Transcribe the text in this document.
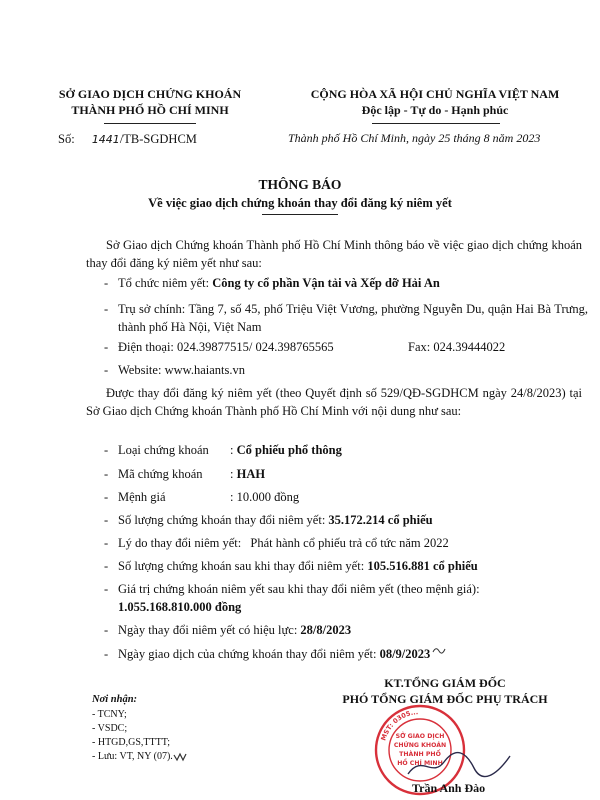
SỞ GIAO DỊCH CHỨNG KHOÁN
THÀNH PHỐ HỒ CHÍ MINH
CỘNG HÒA XÃ HỘI CHỦ NGHĨA VIỆT NAM
Độc lập - Tự do - Hạnh phúc
Số: 1441/TB-SGDHCM	Thành phố Hồ Chí Minh, ngày 25 tháng 8 năm 2023
THÔNG BÁO
Về việc giao dịch chứng khoán thay đổi đăng ký niêm yết

Sở Giao dịch Chứng khoán Thành phố Hồ Chí Minh thông báo về việc giao dịch chứng khoán thay đổi đăng ký niêm yết như sau:

- Tổ chức niêm yết: Công ty cổ phần Vận tải và Xếp dỡ Hải An
- Trụ sở chính: Tầng 7, số 45, phố Triệu Việt Vương, phường Nguyễn Du, quận Hai Bà Trưng, thành phố Hà Nội, Việt Nam
- Điện thoại: 024.39877515/ 024.398765565	Fax: 024.39444022
- Website: www.haiants.vn

Được thay đổi đăng ký niêm yết (theo Quyết định số 529/QĐ-SGDHCM ngày 24/8/2023) tại Sở Giao dịch Chứng khoán Thành phố Hồ Chí Minh với nội dung như sau:

- Loại chứng khoán : Cổ phiếu phổ thông
- Mã chứng khoán : HAH
- Mệnh giá	: 10.000 đồng
- Số lượng chứng khoán thay đổi niêm yết: 35.172.214 cổ phiếu
- Lý do thay đổi niêm yết: Phát hành cổ phiếu trả cổ tức năm 2022
- Số lượng chứng khoán sau khi thay đổi niêm yết: 105.516.881 cổ phiếu
- Giá trị chứng khoán niêm yết sau khi thay đổi niêm yết (theo mệnh giá):
1.055.168.810.000 đồng
- Ngày thay đổi niêm yết có hiệu lực: 28/8/2023
- Ngày giao dịch của chứng khoán thay đổi niêm yết: 08/9/2023
Nơi nhận:
- TCNY;
- VSDC;
- HTGD,GS,TTTT;
- Lưu: VT, NY (07).
KT.TỔNG GIÁM ĐỐC
PHÓ TỔNG GIÁM ĐỐC PHỤ TRÁCH
MST: 0305...
SỞ GIAO DỊCH
CHỨNG KHOÁN
THÀNH PHỐ
HỒ CHÍ MINH
Trần Anh Đào
